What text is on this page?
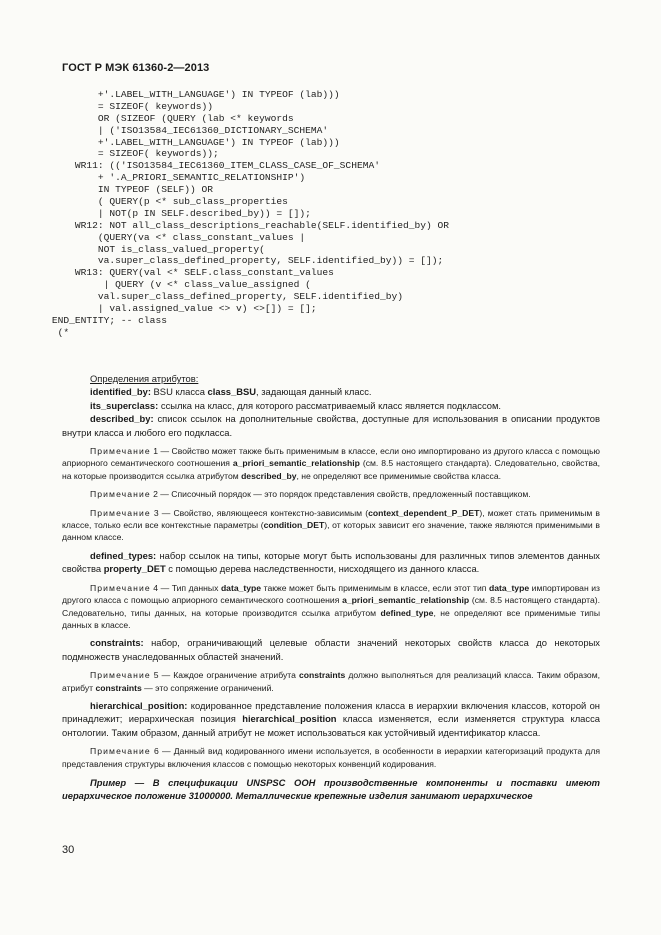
ГОСТ Р МЭК 61360-2—2013
+'.LABEL_WITH_LANGUAGE') IN TYPEOF (lab)))
= SIZEOF( keywords))
OR (SIZEOF (QUERY (lab <* keywords
| ('ISO13584_IEC61360_DICTIONARY_SCHEMA'
+'.LABEL_WITH_LANGUAGE') IN TYPEOF (lab)))
= SIZEOF( keywords));
WR11: (('ISO13584_IEC61360_ITEM_CLASS_CASE_OF_SCHEMA'
+ '.A_PRIORI_SEMANTIC_RELATIONSHIP')
IN TYPEOF (SELF)) OR
( QUERY(p <* sub_class_properties
| NOT(p IN SELF.described_by)) = []);
WR12: NOT all_class_descriptions_reachable(SELF.identified_by) OR
(QUERY(va <* class_constant_values |
NOT is_class_valued_property(
va.super_class_defined_property, SELF.identified_by)) = []);
WR13: QUERY(val <* SELF.class_constant_values
| QUERY (v <* class_value_assigned (
val.super_class_defined_property, SELF.identified_by)
| val.assigned_value <> v) <>[]) = [];
END_ENTITY; -- class
(*

Определения атрибутов:

identified_by: BSU класса class_BSU, задающая данный класс.

its_superclass: ссылка на класс, для которого рассматриваемый класс является подклассом.

described_by: список ссылок на дополнительные свойства, доступные для использования в описании продуктов внутри класса и любого его подкласса.

Примечание 1 — Свойство может также быть применимым в классе, если оно импортировано из другого класса с помощью априорного семантического соотношения a_priori_semantic_relationship (см. 8.5 настоящего стандарта). Следовательно, свойства, на которые производится ссылка атрибутом described_by, не определяют все применимые свойства класса.

Примечание 2 — Списочный порядок — это порядок представления свойств, предложенный поставщиком.

Примечание 3 — Свойство, являющееся контекстно-зависимым (context_dependent_P_DET), может стать применимым в классе, только если все контекстные параметры (condition_DET), от которых зависит его значение, также являются применимыми в данном классе.

defined_types: набор ссылок на типы, которые могут быть использованы для различных типов элементов данных свойства property_DET с помощью дерева наследственности, нисходящего из данного класса.

Примечание 4 — Тип данных data_type также может быть применимым в классе, если этот тип data_type импортирован из другого класса с помощью априорного семантического соотношения a_priori_semantic_relationship (см. 8.5 настоящего стандарта). Следовательно, типы данных, на которые производится ссылка атрибутом defined_type, не определяют все применимые типы данных в классе.

constraints: набор, ограничивающий целевые области значений некоторых свойств класса до некоторых подмножеств унаследованных областей значений.

Примечание 5 — Каждое ограничение атрибута constraints должно выполняться для реализаций класса. Таким образом, атрибут constraints — это сопряжение ограничений.

hierarchical_position: кодированное представление положения класса в иерархии включения классов, которой он принадлежит; иерархическая позиция hierarchical_position класса изменяется, если изменяется структура класса онтологии. Таким образом, данный атрибут не может использоваться как устойчивый идентификатор класса.

Примечание 6 — Данный вид кодированного имени используется, в особенности в иерархии категоризаций продукта для представления структуры включения классов с помощью некоторых конвенций кодирования.

Пример — В спецификации UNSPSC ООН производственные компоненты и поставки имеют иерархическое положение 31000000. Металлические крепежные изделия занимают иерархическое

30
